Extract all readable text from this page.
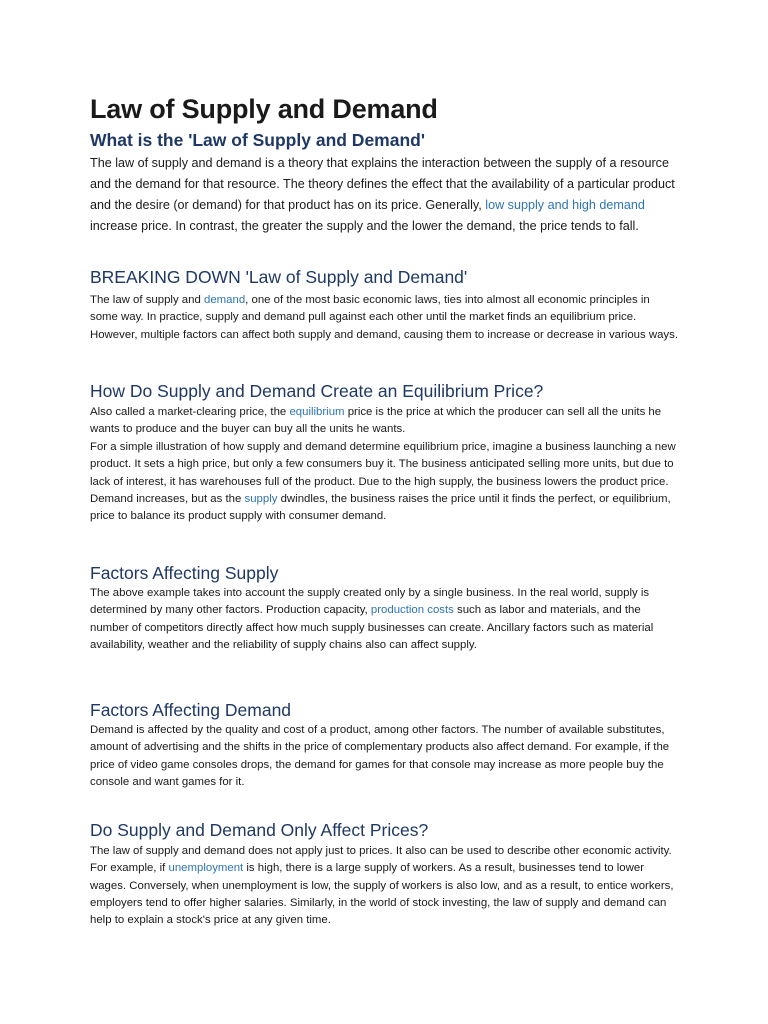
Law of Supply and Demand
What is the 'Law of Supply and Demand'

The law of supply and demand is a theory that explains the interaction between the supply of a resource and the demand for that resource. The theory defines the effect that the availability of a particular product and the desire (or demand) for that product has on its price. Generally, low supply and high demand increase price. In contrast, the greater the supply and the lower the demand, the price tends to fall.

BREAKING DOWN 'Law of Supply and Demand'

The law of supply and demand, one of the most basic economic laws, ties into almost all economic principles in some way. In practice, supply and demand pull against each other until the market finds an equilibrium price. However, multiple factors can affect both supply and demand, causing them to increase or decrease in various ways.

How Do Supply and Demand Create an Equilibrium Price?

Also called a market-clearing price, the equilibrium price is the price at which the producer can sell all the units he wants to produce and the buyer can buy all the units he wants.

For a simple illustration of how supply and demand determine equilibrium price, imagine a business launching a new product. It sets a high price, but only a few consumers buy it. The business anticipated selling more units, but due to lack of interest, it has warehouses full of the product. Due to the high supply, the business lowers the product price. Demand increases, but as the supply dwindles, the business raises the price until it finds the perfect, or equilibrium, price to balance its product supply with consumer demand.

Factors Affecting Supply

The above example takes into account the supply created only by a single business. In the real world, supply is determined by many other factors. Production capacity, production costs such as labor and materials, and the number of competitors directly affect how much supply businesses can create. Ancillary factors such as material availability, weather and the reliability of supply chains also can affect supply.

Factors Affecting Demand

Demand is affected by the quality and cost of a product, among other factors. The number of available substitutes, amount of advertising and the shifts in the price of complementary products also affect demand. For example, if the price of video game consoles drops, the demand for games for that console may increase as more people buy the console and want games for it.

Do Supply and Demand Only Affect Prices?

The law of supply and demand does not apply just to prices. It also can be used to describe other economic activity. For example, if unemployment is high, there is a large supply of workers. As a result, businesses tend to lower wages. Conversely, when unemployment is low, the supply of workers is also low, and as a result, to entice workers, employers tend to offer higher salaries. Similarly, in the world of stock investing, the law of supply and demand can help to explain a stock's price at any given time.
